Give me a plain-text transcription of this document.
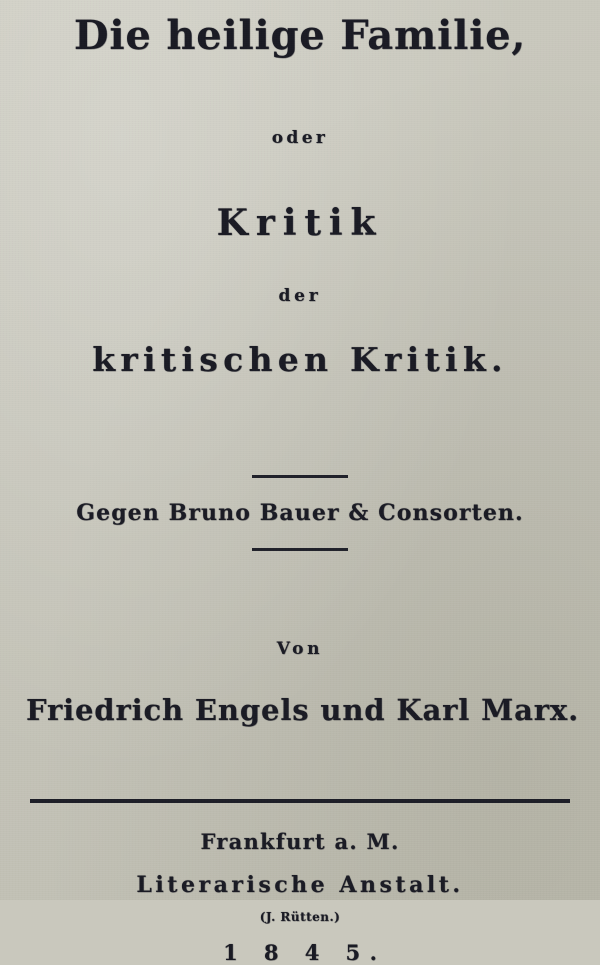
Die heilige Familie,
oder
Kritik
der
kritischen Kritik.
Gegen Bruno Bauer & Consorten.
Von
Friedrich Engels und Karl Marx.
Frankfurt a. M.
Literarische Anstalt.
(J. Rütten.)
1 8 4 5.
